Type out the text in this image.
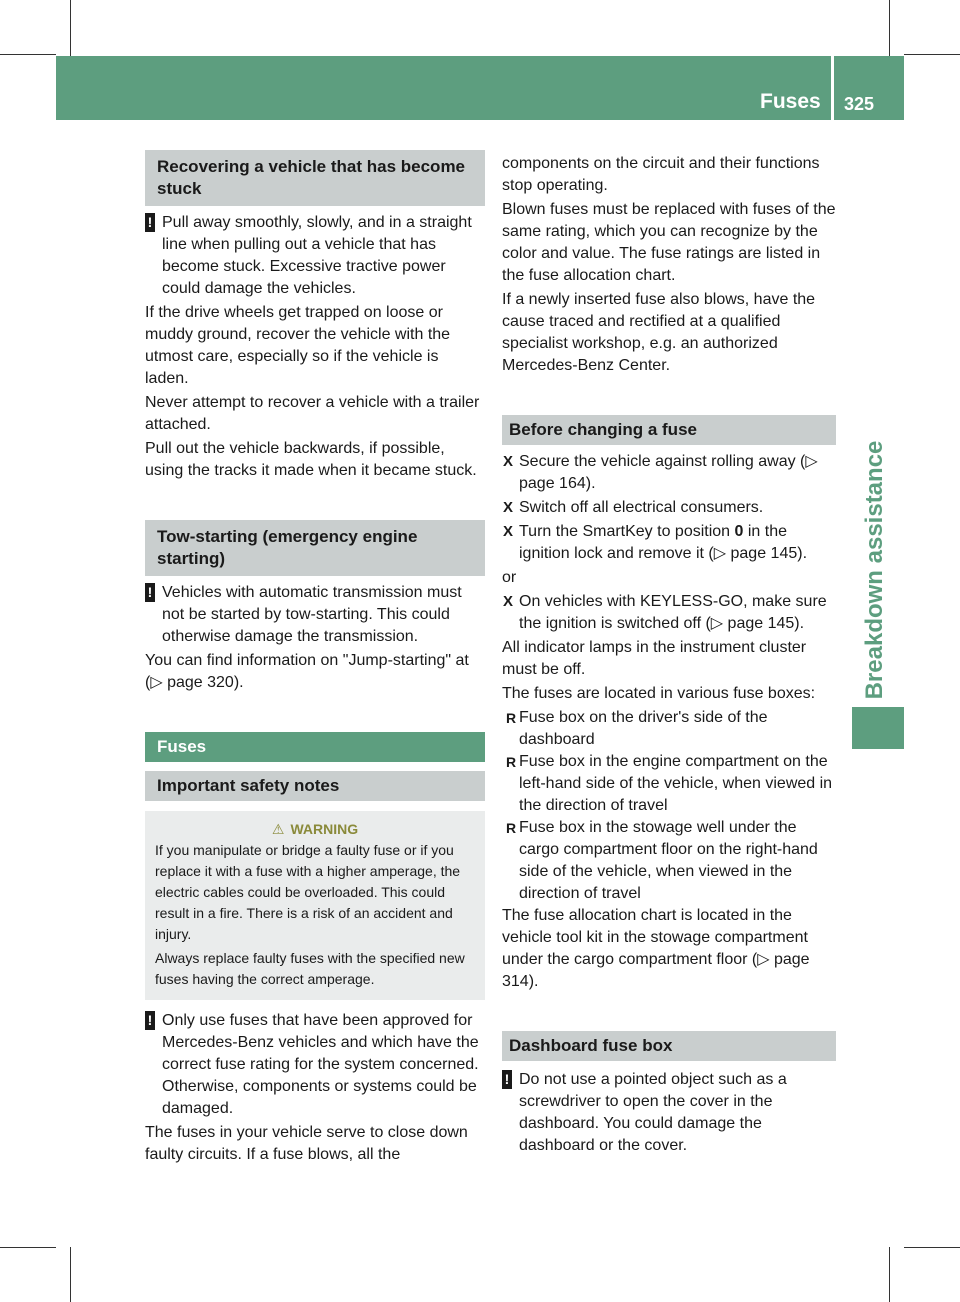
Fuses 325
Breakdown assistance
Recovering a vehicle that has become stuck
! Pull away smoothly, slowly, and in a straight line when pulling out a vehicle that has become stuck. Excessive tractive power could damage the vehicles.
If the drive wheels get trapped on loose or muddy ground, recover the vehicle with the utmost care, especially so if the vehicle is laden.
Never attempt to recover a vehicle with a trailer attached.
Pull out the vehicle backwards, if possible, using the tracks it made when it became stuck.
Tow-starting (emergency engine starting)
! Vehicles with automatic transmission must not be started by tow-starting. This could otherwise damage the transmission.
You can find information on "Jump-starting" at (▷ page 320).
Fuses
Important safety notes
⚠ WARNING
If you manipulate or bridge a faulty fuse or if you replace it with a fuse with a higher amperage, the electric cables could be overloaded. This could result in a fire. There is a risk of an accident and injury.
Always replace faulty fuses with the specified new fuses having the correct amperage.
! Only use fuses that have been approved for Mercedes-Benz vehicles and which have the correct fuse rating for the system concerned. Otherwise, components or systems could be damaged.
The fuses in your vehicle serve to close down faulty circuits. If a fuse blows, all the
components on the circuit and their functions stop operating.
Blown fuses must be replaced with fuses of the same rating, which you can recognize by the color and value. The fuse ratings are listed in the fuse allocation chart.
If a newly inserted fuse also blows, have the cause traced and rectified at a qualified specialist workshop, e.g. an authorized Mercedes-Benz Center.
Before changing a fuse
X Secure the vehicle against rolling away (▷ page 164).
X Switch off all electrical consumers.
X Turn the SmartKey to position 0 in the ignition lock and remove it (▷ page 145).
or
X On vehicles with KEYLESS-GO, make sure the ignition is switched off (▷ page 145).
All indicator lamps in the instrument cluster must be off.
The fuses are located in various fuse boxes:
R Fuse box on the driver's side of the dashboard
R Fuse box in the engine compartment on the left-hand side of the vehicle, when viewed in the direction of travel
R Fuse box in the stowage well under the cargo compartment floor on the right-hand side of the vehicle, when viewed in the direction of travel
The fuse allocation chart is located in the vehicle tool kit in the stowage compartment under the cargo compartment floor (▷ page 314).
Dashboard fuse box
! Do not use a pointed object such as a screwdriver to open the cover in the dashboard. You could damage the dashboard or the cover.
